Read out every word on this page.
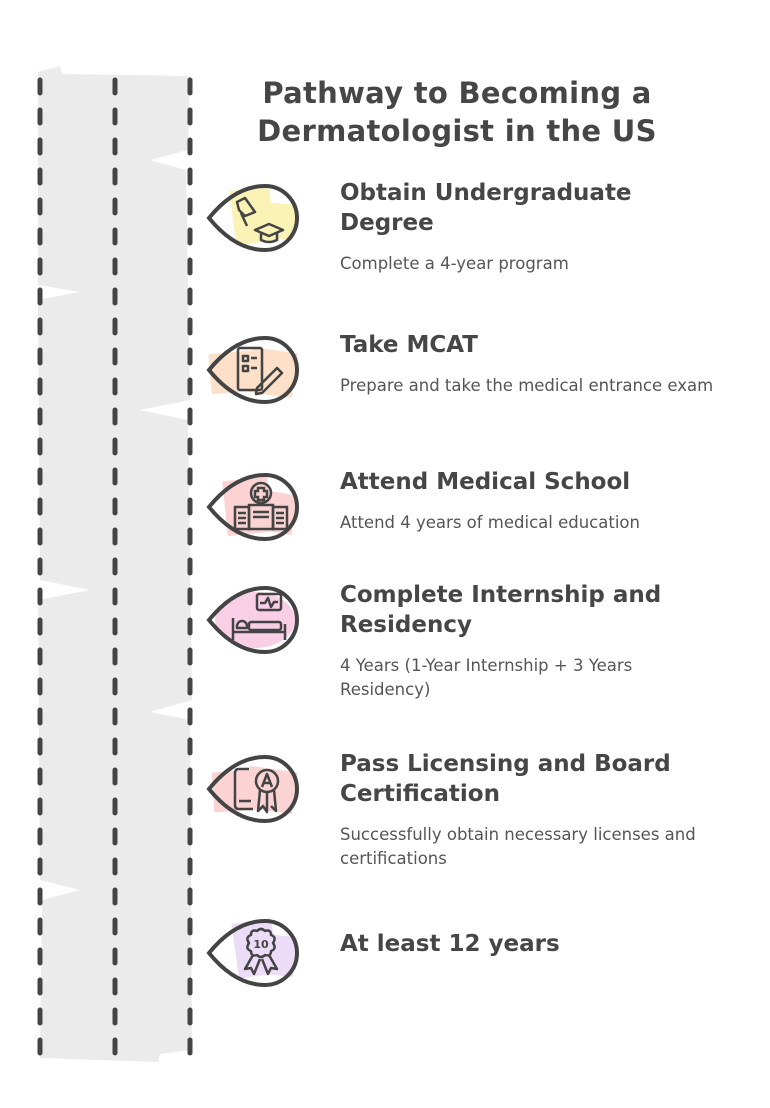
Pathway to Becoming a Dermatologist in the US
Obtain Undergraduate Degree
Complete a 4-year program
Take MCAT
Prepare and take the medical entrance exam
Attend Medical School
Attend 4 years of medical education
Complete Internship and Residency
4 Years (1-Year Internship + 3 Years Residency)
Pass Licensing and Board Certification
Successfully obtain necessary licenses and certifications
10	At least 12 years
